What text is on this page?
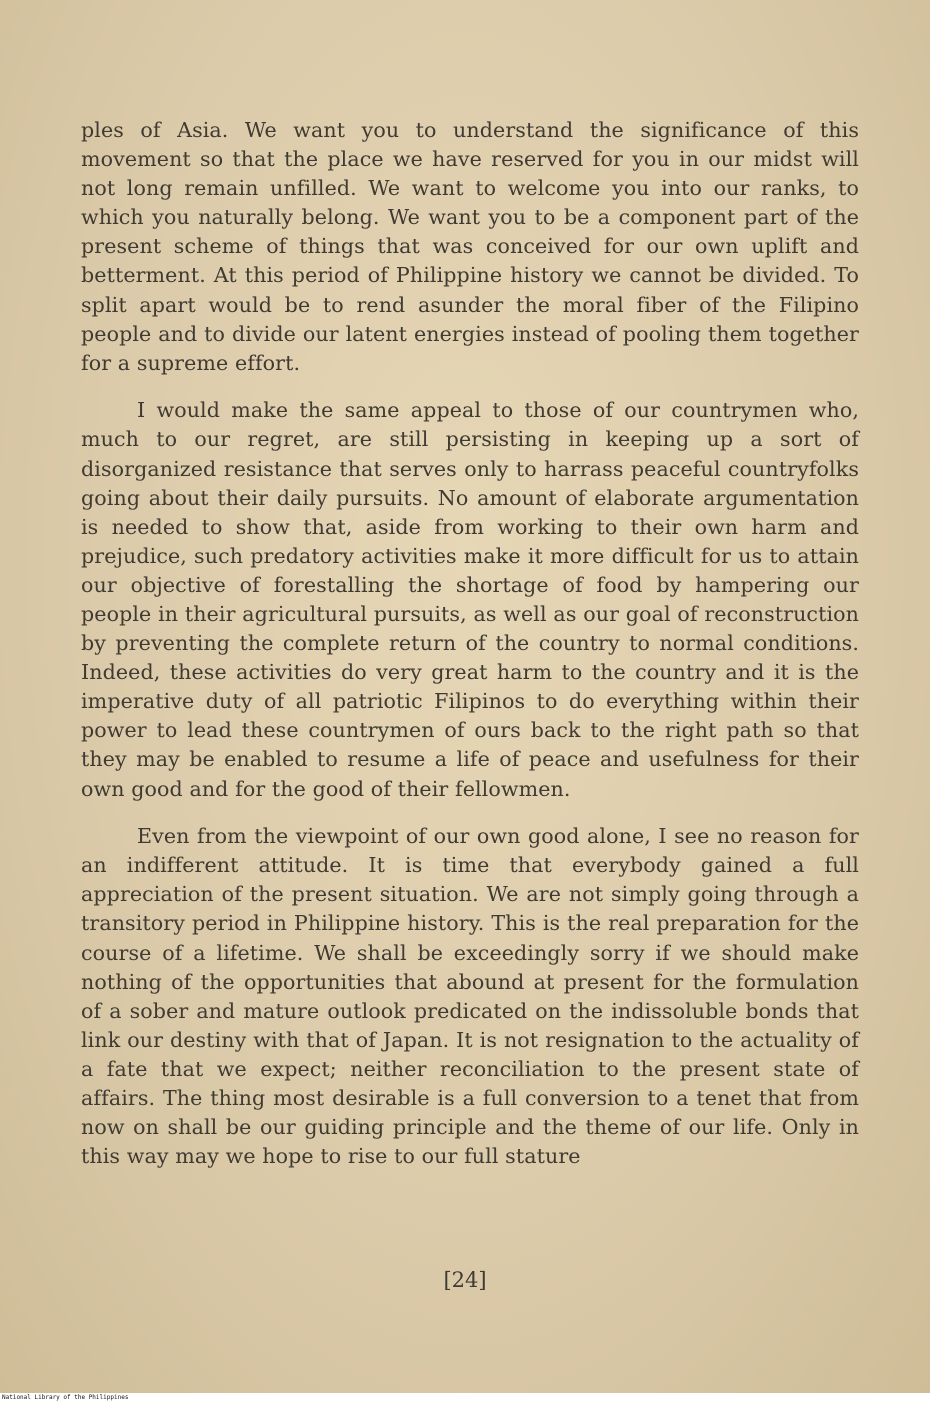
ples of Asia. We want you to understand the significance of this movement so that the place we have reserved for you in our midst will not long remain unfilled. We want to welcome you into our ranks, to which you naturally belong. We want you to be a component part of the present scheme of things that was conceived for our own uplift and betterment. At this period of Philippine history we cannot be divided. To split apart would be to rend asunder the moral fiber of the Filipino people and to divide our latent energies instead of pooling them together for a supreme effort.

I would make the same appeal to those of our countrymen who, much to our regret, are still persisting in keeping up a sort of disorganized resistance that serves only to harrass peaceful countryfolks going about their daily pursuits. No amount of elaborate argumentation is needed to show that, aside from working to their own harm and prejudice, such predatory activities make it more difficult for us to attain our objective of forestalling the shortage of food by hampering our people in their agricultural pursuits, as well as our goal of reconstruction by preventing the complete return of the country to normal conditions. Indeed, these activities do very great harm to the country and it is the imperative duty of all patriotic Filipinos to do everything within their power to lead these countrymen of ours back to the right path so that they may be enabled to resume a life of peace and usefulness for their own good and for the good of their fellowmen.

Even from the viewpoint of our own good alone, I see no reason for an indifferent attitude. It is time that everybody gained a full appreciation of the present situation. We are not simply going through a transitory period in Philippine history. This is the real preparation for the course of a lifetime. We shall be exceedingly sorry if we should make nothing of the opportunities that abound at present for the formulation of a sober and mature outlook predicated on the indissoluble bonds that link our destiny with that of Japan. It is not resignation to the actuality of a fate that we expect; neither reconciliation to the present state of affairs. The thing most desirable is a full conversion to a tenet that from now on shall be our guiding principle and the theme of our life. Only in this way may we hope to rise to our full stature

[24]
National Library of the Philippines
